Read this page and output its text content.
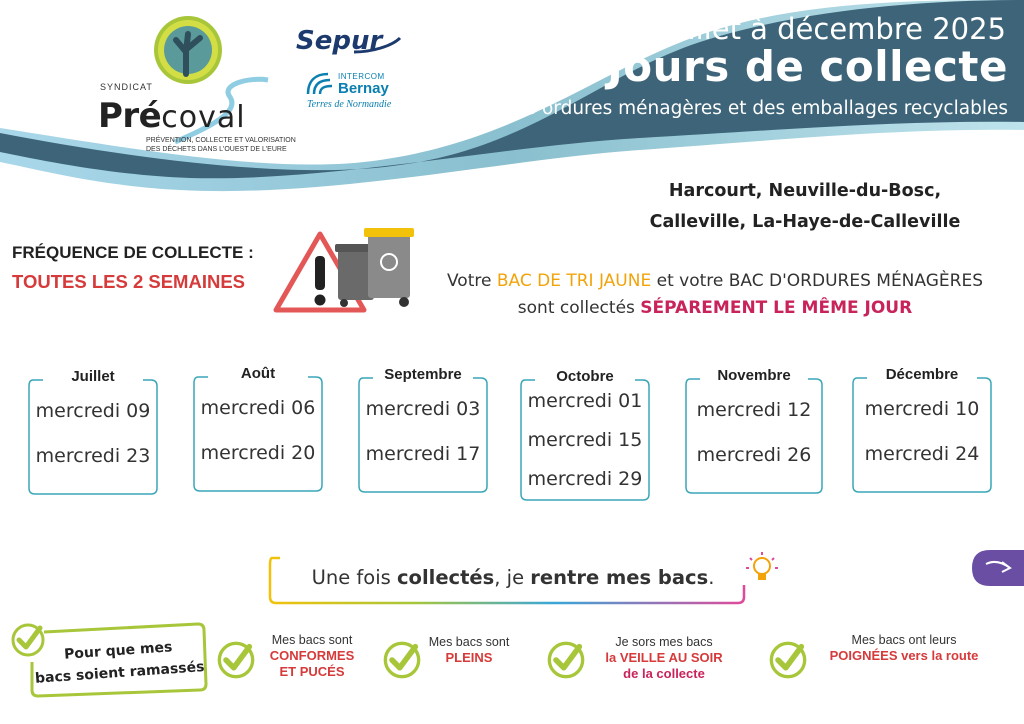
Juillet à décembre 2025
Jours de collecte
des ordures ménagères et des emballages recyclables
SYNDICAT
Précoval
PRÉVENTION, COLLECTE ET VALORISATION
DES DÉCHETS DANS L'OUEST DE L'EURE
Sepur
INTERCOM
Bernay
Terres de Normandie
Harcourt, Neuville-du-Bosc,
Calleville, La-Haye-de-Calleville
FRÉQUENCE DE COLLECTE :
TOUTES LES 2 SEMAINES	Votre BAC DE TRI JAUNE et votre BAC D'ORDURES MÉNAGÈRES
sont collectés SÉPAREMENT LE MÊME JOUR
Juillet
mercredi 09
mercredi 23
Août
mercredi 06
mercredi 20
Septembre
mercredi 03
mercredi 17
Octobre
mercredi 01
mercredi 15
mercredi 29
Novembre
mercredi 12
mercredi 26
Décembre
mercredi 10
mercredi 24
Une fois collectés, je rentre mes bacs.
Pour que mes
bacs soient ramassés
Mes bacs sont
CONFORMES
ET PUCÉS
Mes bacs sont
PLEINS
Je sors mes bacs
la VEILLE AU SOIR
de la collecte
Mes bacs ont leurs
POIGNÉES vers la route
